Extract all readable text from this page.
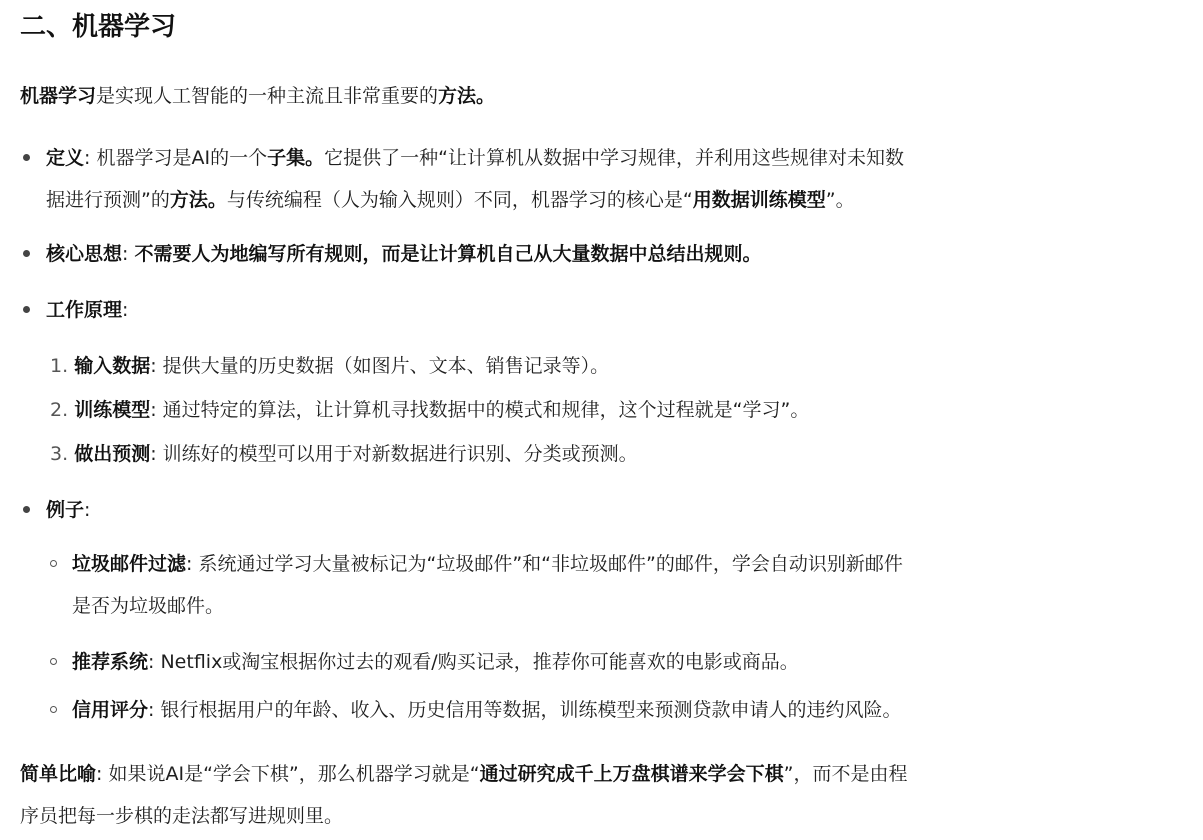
二、机器学习
机器学习是实现人工智能的一种主流且非常重要的方法。
定义: 机器学习是AI的一个子集。它提供了一种“让计算机从数据中学习规律，并利用这些规律对未知数
据进行预测”的方法。与传统编程（人为输入规则）不同，机器学习的核心是“用数据训练模型”。
核心思想: 不需要人为地编写所有规则，而是让计算机自己从大量数据中总结出规则。
工作原理:
1. 输入数据: 提供大量的历史数据（如图片、文本、销售记录等）。
2. 训练模型: 通过特定的算法，让计算机寻找数据中的模式和规律，这个过程就是“学习”。
3. 做出预测: 训练好的模型可以用于对新数据进行识别、分类或预测。
例子:
垃圾邮件过滤: 系统通过学习大量被标记为“垃圾邮件”和“非垃圾邮件”的邮件，学会自动识别新邮件
是否为垃圾邮件。
推荐系统: Netflix或淘宝根据你过去的观看/购买记录，推荐你可能喜欢的电影或商品。
信用评分: 银行根据用户的年龄、收入、历史信用等数据，训练模型来预测贷款申请人的违约风险。
简单比喻: 如果说AI是“学会下棋”，那么机器学习就是“通过研究成千上万盘棋谱来学会下棋”，而不是由程
序员把每一步棋的走法都写进规则里。
